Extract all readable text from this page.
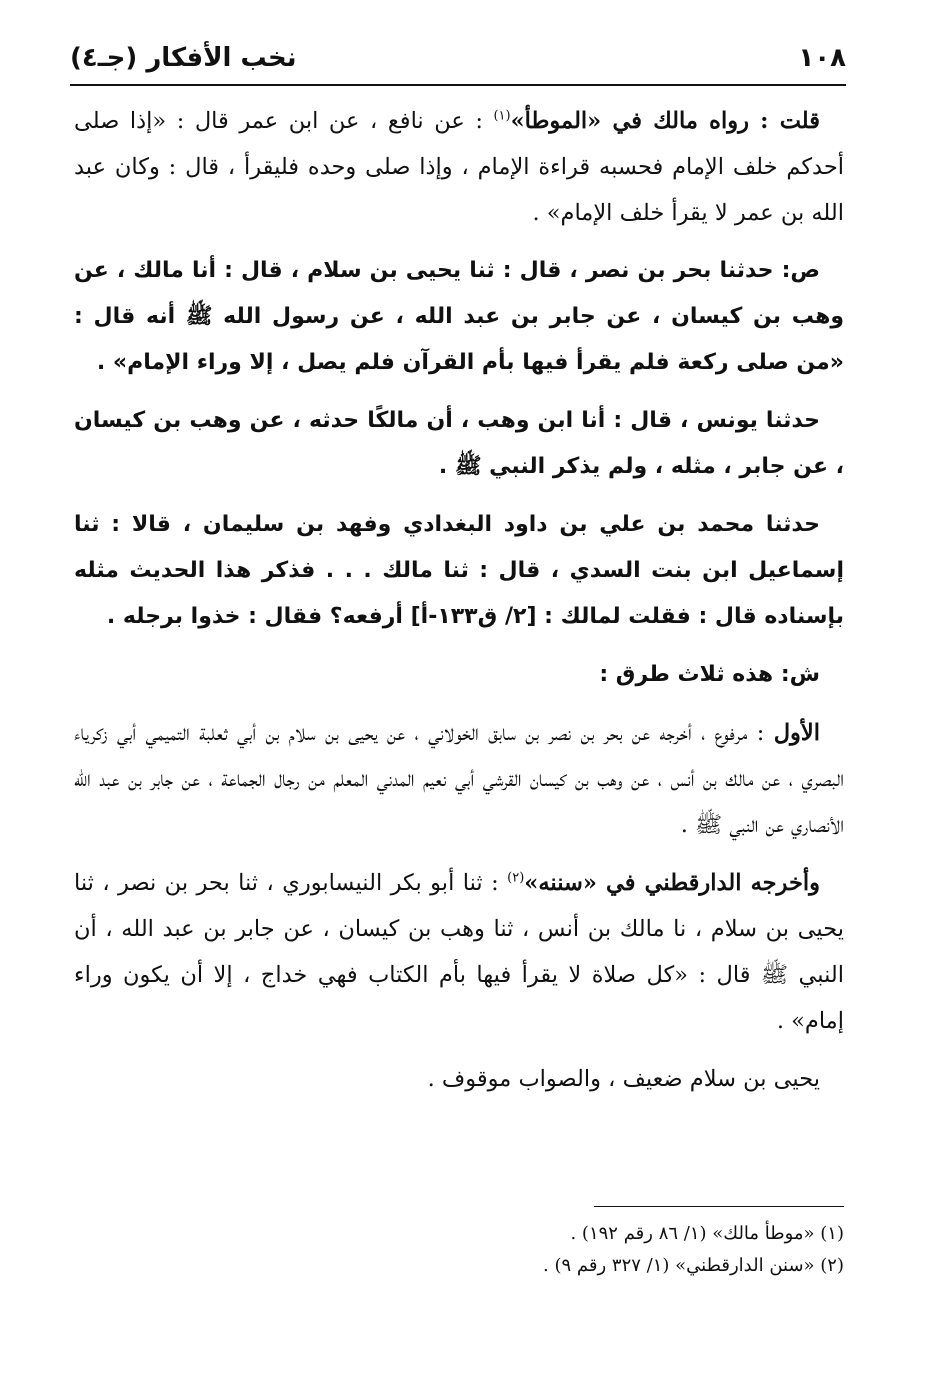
١٠٨
نخب الأفكار (جـ٤)

قلت : رواه مالك في «الموطأ»$^{(١)}$ : عن نافع ، عن ابن عمر قال : «إذا صلى أحدكم خلف الإمام فحسبه قراءة الإمام ، وإذا صلى وحده فليقرأ ، قال : وكان عبد الله بن عمر لا يقرأ خلف الإمام» .

ص: حدثنا بحر بن نصر ، قال : ثنا يحيى بن سلام ، قال : أنا مالك ، عن وهب بن كيسان ، عن جابر بن عبد الله ، عن رسول الله ﷺ أنه قال : «من صلى ركعة فلم يقرأ فيها بأم القرآن فلم يصل ، إلا وراء الإمام» .

حدثنا يونس ، قال : أنا ابن وهب ، أن مالكًا حدثه ، عن وهب بن كيسان ، عن جابر ، مثله ، ولم يذكر النبي ﷺ .

حدثنا محمد بن علي بن داود البغدادي وفهد بن سليمان ، قالا : ثنا إسماعيل ابن بنت السدي ، قال : ثنا مالك . . . فذكر هذا الحديث مثله بإسناده قال : فقلت لمالك : [٢/ ق١٣٣-أ] أرفعه؟ فقال : خذوا برجله .

ش: هذه ثلاث طرق :

الأول : مرفوع ، أخرجه عن بحر بن نصر بن سابق الخولاني ، عن يحيى بن سلام بن أبي ثعلبة التميمي أبي زكرياء البصري ، عن مالك بن أنس ، عن وهب بن كيسان القرشي أبي نعيم المدني المعلم من رجال الجماعة ، عن جابر بن عبد الله الأنصاري عن النبي ﷺ .

وأخرجه الدارقطني في «سننه»$^{(٢)}$ : ثنا أبو بكر النيسابوري ، ثنا بحر بن نصر ، ثنا يحيى بن سلام ، نا مالك بن أنس ، ثنا وهب بن كيسان ، عن جابر بن عبد الله ، أن النبي ﷺ قال : «كل صلاة لا يقرأ فيها بأم الكتاب فهي خداج ، إلا أن يكون وراء إمام» .

يحيى بن سلام ضعيف ، والصواب موقوف .

(١) «موطأ مالك» (١/ ٨٦ رقم ١٩٢) .

(٢) «سنن الدارقطني» (١/ ٣٢٧ رقم ٩) .
